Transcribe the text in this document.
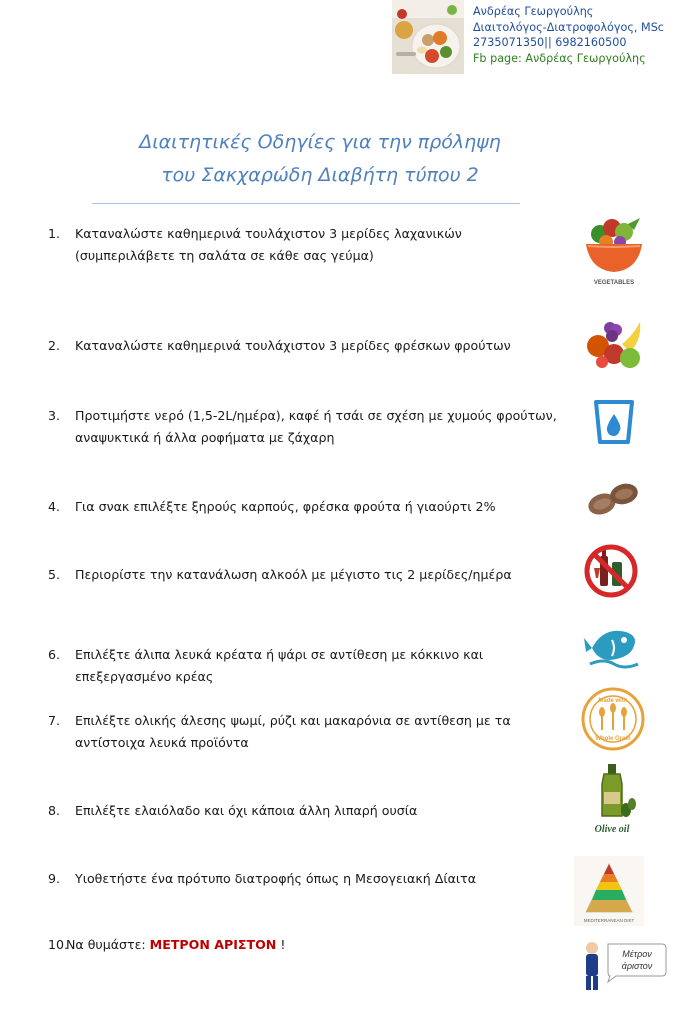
Ανδρέας Γεωργούλης
Διαιτολόγος-Διατροφολόγος, MSc
2735071350|| 6982160500
Fb page: Ανδρέας Γεωργούλης
Διαιτητικές Οδηγίες για την πρόληψη
του Σακχαρώδη Διαβήτη τύπου 2
1. Καταναλώστε καθημερινά τουλάχιστον 3 μερίδες λαχανικών
(συμπεριλάβετε τη σαλάτα σε κάθε σας γεύμα)
VEGETABLES
2. Καταναλώστε καθημερινά τουλάχιστον 3 μερίδες φρέσκων φρούτων
3. Προτιμήστε νερό (1,5-2L/ημέρα), καφέ ή τσάι σε σχέση με χυμούς φρούτων,
αναψυκτικά ή άλλα ροφήματα με ζάχαρη
4. Για σνακ επιλέξτε ξηρούς καρπούς, φρέσκα φρούτα ή γιαούρτι 2%
5. Περιορίστε την κατανάλωση αλκοόλ με μέγιστο τις 2 μερίδες/ημέρα
6. Επιλέξτε άλιπα λευκά κρέατα ή ψάρι σε αντίθεση με κόκκινο και
επεξεργασμένο κρέας
7. Επιλέξτε ολικής άλεσης ψωμί, ρύζι και μακαρόνια σε αντίθεση με τα
αντίστοιχα λευκά προϊόντα
Made with
Whole Grain
8. Επιλέξτε ελαιόλαδο και όχι κάποια άλλη λιπαρή ουσία
Olive oil
9. Υιοθετήστε ένα πρότυπο διατροφής όπως η Μεσογειακή Δίαιτα
MEDITERRANEAN DIET
10.
Να θυμάστε: ΜΕΤΡΟΝ ΑΡΙΣΤΟΝ !
Μέτρον
άριστον
